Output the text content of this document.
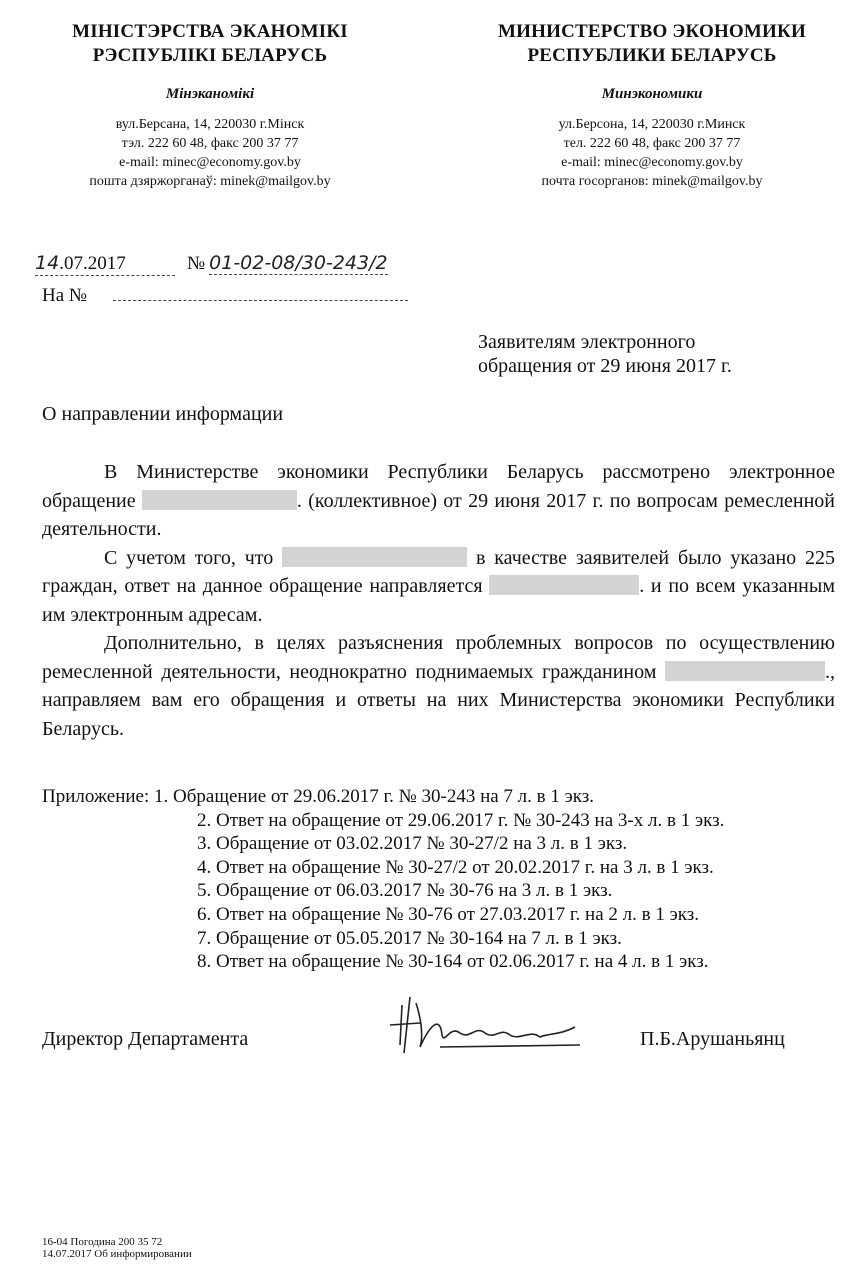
МІНІСТЭРСТВА ЭКАНОМІКІ
РЭСПУБЛІКІ БЕЛАРУСЬ
Мінэканомікі
вул.Берсана, 14, 220030 г.Мінск
тэл. 222 60 48, факс 200 37 77
e-mail: minec@economy.gov.by
пошта дзяржорганаў: minek@mailgov.by
МИНИСТЕРСТВО ЭКОНОМИКИ
РЕСПУБЛИКИ БЕЛАРУСЬ
Минэкономики
ул.Берсона, 14, 220030 г.Минск
тел. 222 60 48, факс 200 37 77
e-mail: minec@economy.gov.by
почта госорганов: minek@mailgov.by
14.07.2017	№ 01-02-08/30-243/2
На №
Заявителям электронного
обращения от 29 июня 2017 г.
О направлении информации

В Министерстве экономики Республики Беларусь рассмотрено электронное обращение	. (коллективное) от 29 июня 2017 г. по вопросам ремесленной деятельности.

С учетом того, что	в качестве заявителей было указано 225 граждан, ответ на данное обращение направляется	. и по всем указанным им электронным адресам.

Дополнительно, в целях разъяснения проблемных вопросов по осуществлению ремесленной деятельности, неоднократно поднимаемых гражданином	., направляем вам его обращения и ответы на них Министерства экономики Республики Беларусь.

Приложение: 1. Обращение от 29.06.2017 г. № 30-243 на 7 л. в 1 экз.
2. Ответ на обращение от 29.06.2017 г. № 30-243 на 3-х л. в 1 экз.
3. Обращение от 03.02.2017 № 30-27/2 на 3 л. в 1 экз.
4. Ответ на обращение № 30-27/2 от 20.02.2017 г. на 3 л. в 1 экз.
5. Обращение от 06.03.2017 № 30-76 на 3 л. в 1 экз.
6. Ответ на обращение № 30-76 от 27.03.2017 г. на 2 л. в 1 экз.
7. Обращение от 05.05.2017 № 30-164 на 7 л. в 1 экз.
8. Ответ на обращение № 30-164 от 02.06.2017 г. на 4 л. в 1 экз.
Директор Департамента	П.Б.Арушаньянц
16-04 Погодина 200 35 72
14.07.2017 Об информировании
